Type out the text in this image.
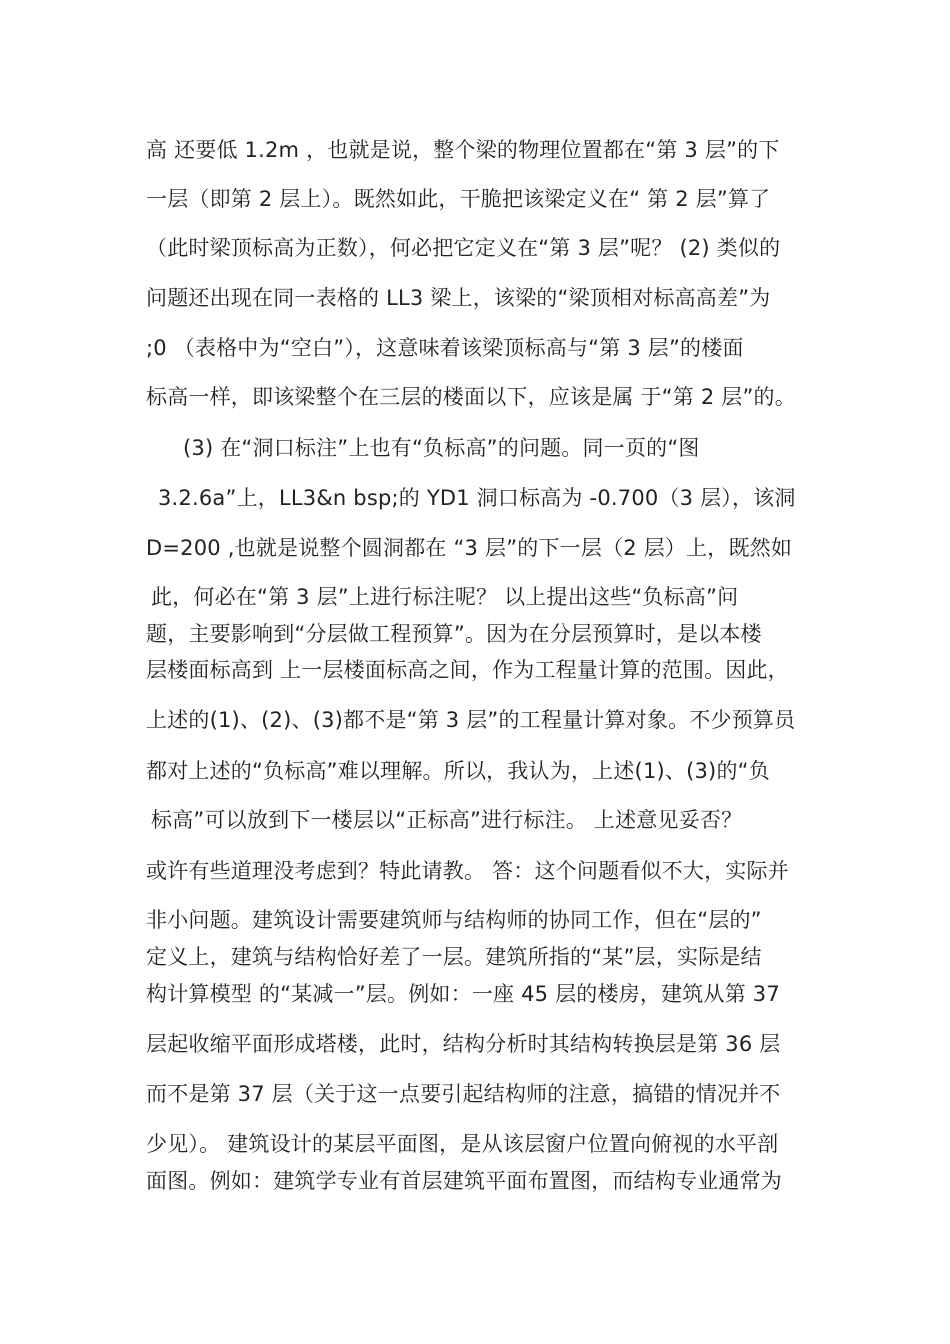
高 还要低 1.2m ，也就是说，整个梁的物理位置都在“第 3 层”的下
一层（即第 2 层上）。既然如此，干脆把该梁定义在“ 第 2 层”算了
（此时梁顶标高为正数），何必把它定义在“第 3 层”呢？ (2) 类似的
问题还出现在同一表格的 LL3 梁上，该梁的“梁顶相对标高高差”为
;0 （表格中为“空白”），这意味着该梁顶标高与“第 3 层”的楼面
标高一样，即该梁整个在三层的楼面以下，应该是属 于“第 2 层”的。
(3) 在“洞口标注”上也有“负标高”的问题。同一页的“图
3.2.6a”上，LL3&n bsp;的 YD1 洞口标高为 -0.700（3 层），该洞
D=200 ,也就是说整个圆洞都在 “3 层”的下一层（2 层）上，既然如
此，何必在“第 3 层”上进行标注呢？ 以上提出这些“负标高”问
题，主要影响到“分层做工程预算”。因为在分层预算时，是以本楼
层楼面标高到 上一层楼面标高之间，作为工程量计算的范围。因此，
上述的(1)、(2)、(3)都不是“第 3 层”的工程量计算对象。不少预算员
都对上述的“负标高”难以理解。所以，我认为，上述(1)、(3)的“负
标高”可以放到下一楼层以“正标高”进行标注。 上述意见妥否？
或许有些道理没考虑到？特此请教。 答：这个问题看似不大，实际并
非小问题。建筑设计需要建筑师与结构师的协同工作，但在“层的”
定义上，建筑与结构恰好差了一层。建筑所指的“某”层，实际是结
构计算模型 的“某减一”层。例如：一座 45 层的楼房，建筑从第 37
层起收缩平面形成塔楼，此时，结构分析时其结构转换层是第 36 层
而不是第 37 层（关于这一点要引起结构师的注意，搞错的情况并不
少见）。 建筑设计的某层平面图，是从该层窗户位置向俯视的水平剖
面图。例如：建筑学专业有首层建筑平面布置图，而结构专业通常为
